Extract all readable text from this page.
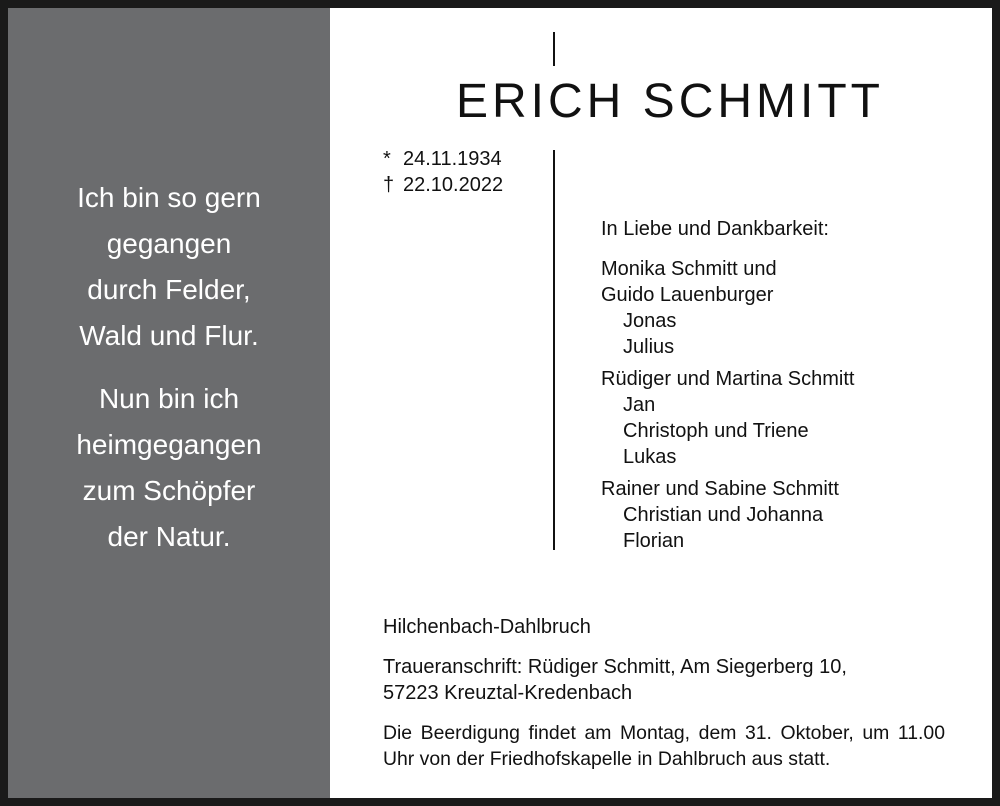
Ich bin so gern
gegangen
durch Felder,
Wald und Flur.
Nun bin ich
heimgegangen
zum Schöpfer
der Natur.
ERICH SCHMITT
* 24.11.1934
† 22.10.2022
In Liebe und Dankbarkeit:
Monika Schmitt und
Guido Lauenburger
Jonas
Julius
Rüdiger und Martina Schmitt
Jan
Christoph und Triene
Lukas
Rainer und Sabine Schmitt
Christian und Johanna
Florian
Hilchenbach-Dahlbruch
Traueranschrift: Rüdiger Schmitt, Am Siegerberg 10,
57223 Kreuztal-Kredenbach
Die Beerdigung findet am Montag, dem 31. Oktober, um 11.00 Uhr von der Friedhofskapelle in Dahlbruch aus statt.
